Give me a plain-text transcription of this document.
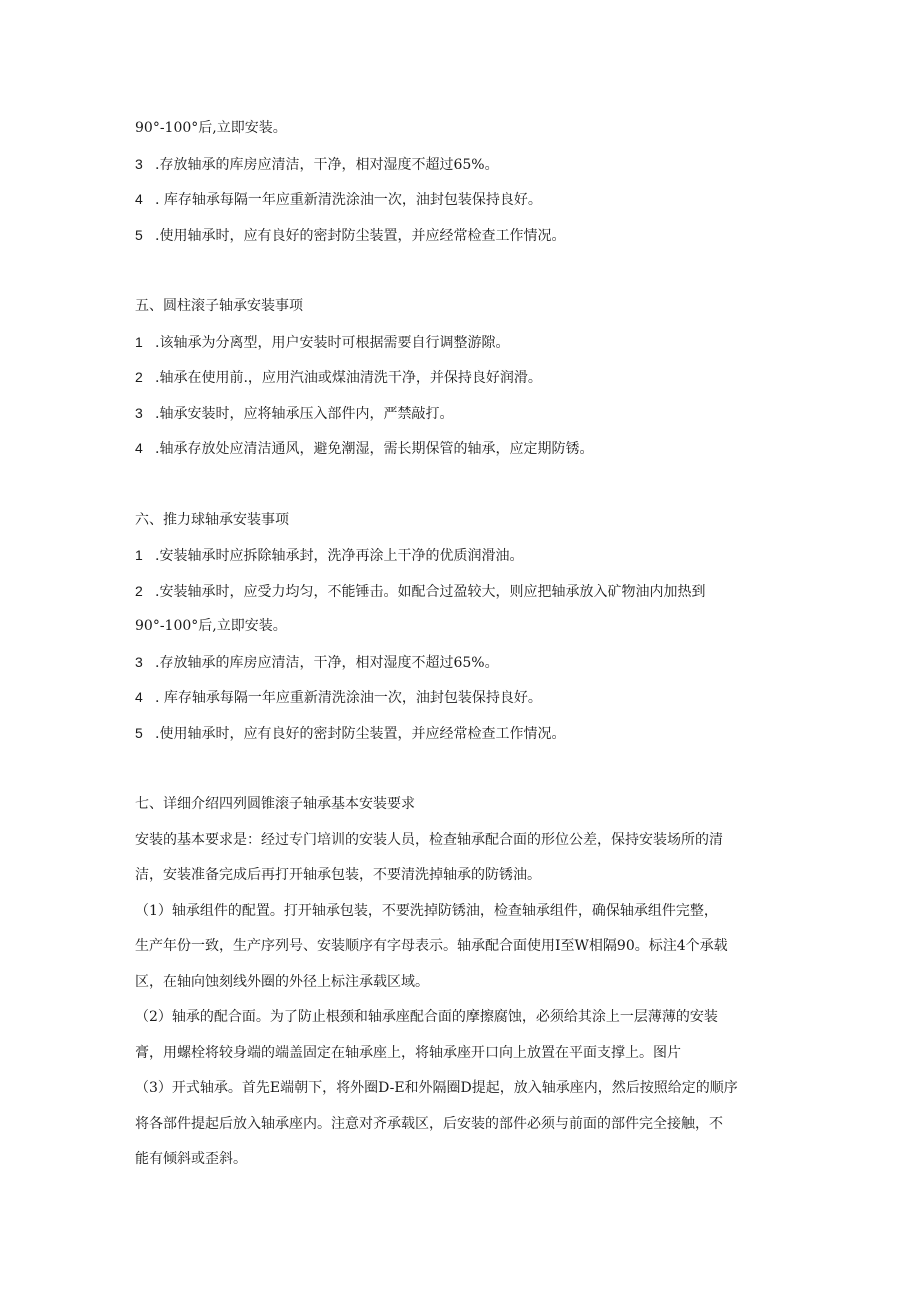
90°-100°后,立即安装。
3 .存放轴承的库房应清洁，干净，相对湿度不超过65%。
4 . 库存轴承每隔一年应重新清洗涂油一次，油封包装保持良好。
5 .使用轴承时，应有良好的密封防尘装置，并应经常检查工作情况。
五、圆柱滚子轴承安装事项
1 .该轴承为分离型，用户安装时可根据需要自行调整游隙。
2 .轴承在使用前.，应用汽油或煤油清洗干净，并保持良好润滑。
3 .轴承安装时，应将轴承压入部件内，严禁敲打。
4 .轴承存放处应清洁通风，避免潮湿，需长期保管的轴承，应定期防锈。
六、推力球轴承安装事项
1 .安装轴承时应拆除轴承封，洗净再涂上干净的优质润滑油。
2 .安装轴承时，应受力均匀，不能锤击。如配合过盈较大，则应把轴承放入矿物油内加热到
90°-100°后,立即安装。
3 .存放轴承的库房应清洁，干净，相对湿度不超过65%。
4 . 库存轴承每隔一年应重新清洗涂油一次，油封包装保持良好。
5 .使用轴承时，应有良好的密封防尘装置，并应经常检查工作情况。
七、详细介绍四列圆锥滚子轴承基本安装要求
安装的基本要求是：经过专门培训的安装人员，检查轴承配合面的形位公差，保持安装场所的清
洁，安装准备完成后再打开轴承包装，不要清洗掉轴承的防锈油。
（1）轴承组件的配置。打开轴承包装，不要洗掉防锈油，检查轴承组件，确保轴承组件完整，
生产年份一致，生产序列号、安装顺序有字母表示。轴承配合面使用I至W相隔90。标注4个承载
区，在轴向蚀刻线外圈的外径上标注承载区域。
（2）轴承的配合面。为了防止根颈和轴承座配合面的摩擦腐蚀，必须给其涂上一层薄薄的安装
膏，用螺栓将较身端的端盖固定在轴承座上，将轴承座开口向上放置在平面支撑上。图片
（3）开式轴承。首先E端朝下，将外圈D-E和外隔圈D提起，放入轴承座内，然后按照给定的顺序
将各部件提起后放入轴承座内。注意对齐承载区，后安装的部件必须与前面的部件完全接触，不
能有倾斜或歪斜。
